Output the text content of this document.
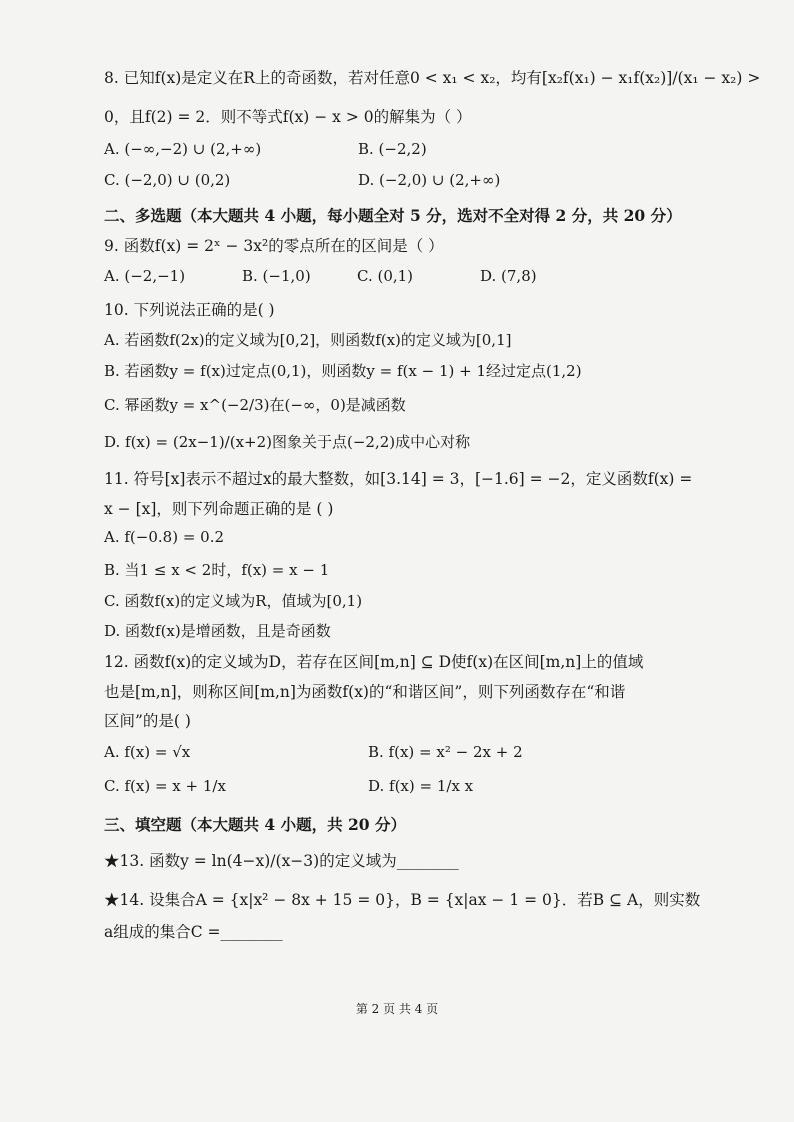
8. 已知f(x)是定义在R上的奇函数，若对任意0 < x₁ < x₂，均有[x₂f(x₁) − x₁f(x₂)]/(x₁ − x₂) >
0，且f(2) = 2．则不等式f(x) − x > 0的解集为（ ）
A. (−∞,−2) ∪ (2,+∞)	B. (−2,2)
C. (−2,0) ∪ (0,2)	D. (−2,0) ∪ (2,+∞)
二、多选题（本大题共 4 小题，每小题全对 5 分，选对不全对得 2 分，共 20 分）
9. 函数f(x) = 2ˣ − 3x²的零点所在的区间是（ ）
A. (−2,−1)	B. (−1,0)	C. (0,1)	D. (7,8)
10. 下列说法正确的是( )
A. 若函数f(2x)的定义域为[0,2]，则函数f(x)的定义域为[0,1]
B. 若函数y = f(x)过定点(0,1)，则函数y = f(x − 1) + 1经过定点(1,2)
C. 幂函数y = x^(−2/3)在(−∞，0)是减函数
D. f(x) = (2x−1)/(x+2)图象关于点(−2,2)成中心对称
11. 符号[x]表示不超过x的最大整数，如[3.14] = 3，[−1.6] = −2，定义函数f(x) =
x − [x]，则下列命题正确的是 ( )
A. f(−0.8) = 0.2
B. 当1 ≤ x < 2时，f(x) = x − 1
C. 函数f(x)的定义域为R，值域为[0,1)
D. 函数f(x)是增函数，且是奇函数
12. 函数f(x)的定义域为D，若存在区间[m,n] ⊆ D使f(x)在区间[m,n]上的值域
也是[m,n]，则称区间[m,n]为函数f(x)的“和谐区间”，则下列函数存在“和谐
区间”的是( )
A. f(x) = √x	B. f(x) = x² − 2x + 2
C. f(x) = x + 1/x	D. f(x) = 1/x x
三、填空题（本大题共 4 小题，共 20 分）
★13. 函数y = ln(4−x)/(x−3)的定义域为________
★14. 设集合A = {x|x² − 8x + 15 = 0}，B = {x|ax − 1 = 0}．若B ⊆ A，则实数
a组成的集合C =________
第 2 页 共 4 页
